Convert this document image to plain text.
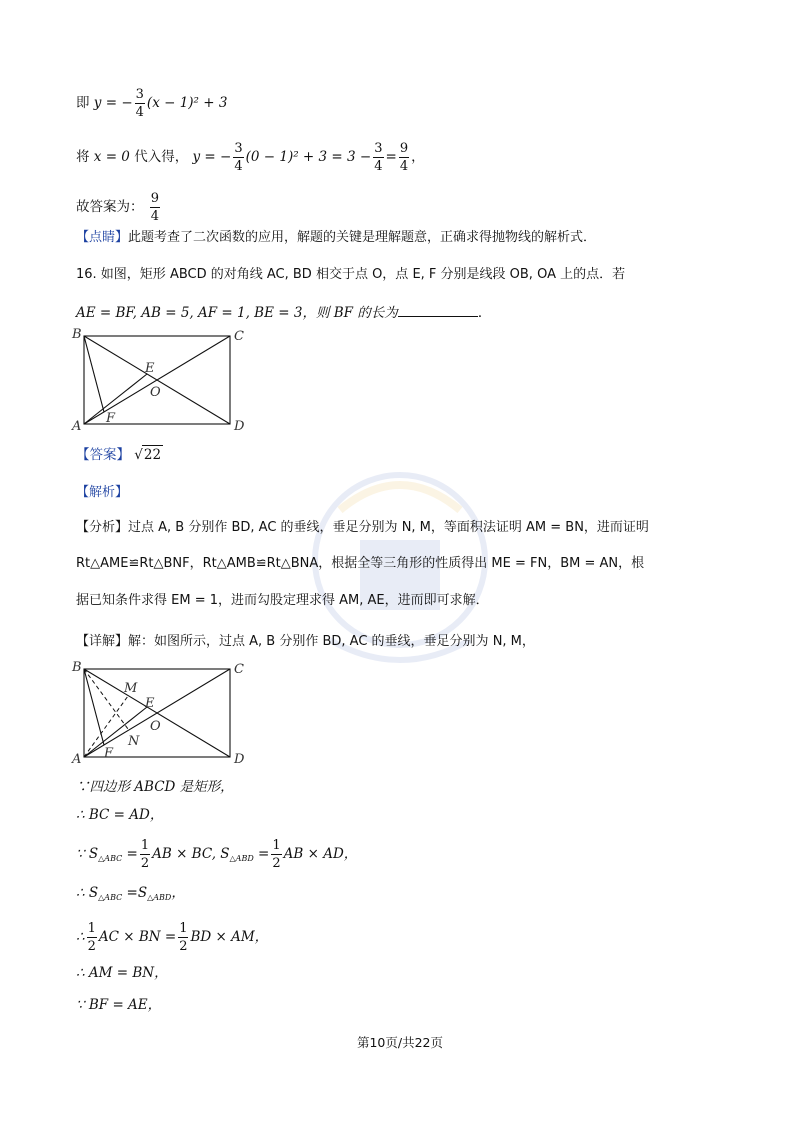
即 y = − $\frac{3}{4} (x - 1)^2 + 3$
将 x = 0 代入得， y = − $\frac{3}{4} (0 - 1)^2 + 3 = 3 - \frac{3}{4} = \frac{9}{4}$ ，
故答案为： $\frac{9}{4}$
【点睛】此题考查了二次函数的应用，解题的关键是理解题意，正确求得抛物线的解析式．
16. 如图，矩形 ABCD 的对角线 AC, BD 相交于点 O，点 E, F 分别是线段 OB, OA 上的点．若
AE = BF, AB = 5, AF = 1, BE = 3，则 BF 的长为	．
B	C
E
O
A
F
D
【答案】 √22
【解析】
【分析】过点 A, B 分别作 BD, AC 的垂线，垂足分别为 N, M，等面积法证明 AM = BN，进而证明
Rt△AME≌Rt△BNF，Rt△AMB≌Rt△BNA，根据全等三角形的性质得出 ME = FN，BM = AN，根
据已知条件求得 EM = 1，进而勾股定理求得 AM, AE，进而即可求解．
【详解】解：如图所示，过点 A, B 分别作 BD, AC 的垂线，垂足分别为 N, M，
B	C
M
E
O
N
A F	D
∵四边形 ABCD 是矩形，
∴ BC = AD，
∵ $S_{\triangle ABC} = \frac{1}{2}$ AB × BC, $S_{\triangle ABD} = \frac{1}{2}$ AB × AD，
∴ $S_{\triangle ABC} =S_{\triangle ABD}$，
∴ $\frac{1}{2}$ AC × BN = $\frac{1}{2}$ BD × AM，
∴ AM = BN，
∵ BF = AE，
第10页/共22页
